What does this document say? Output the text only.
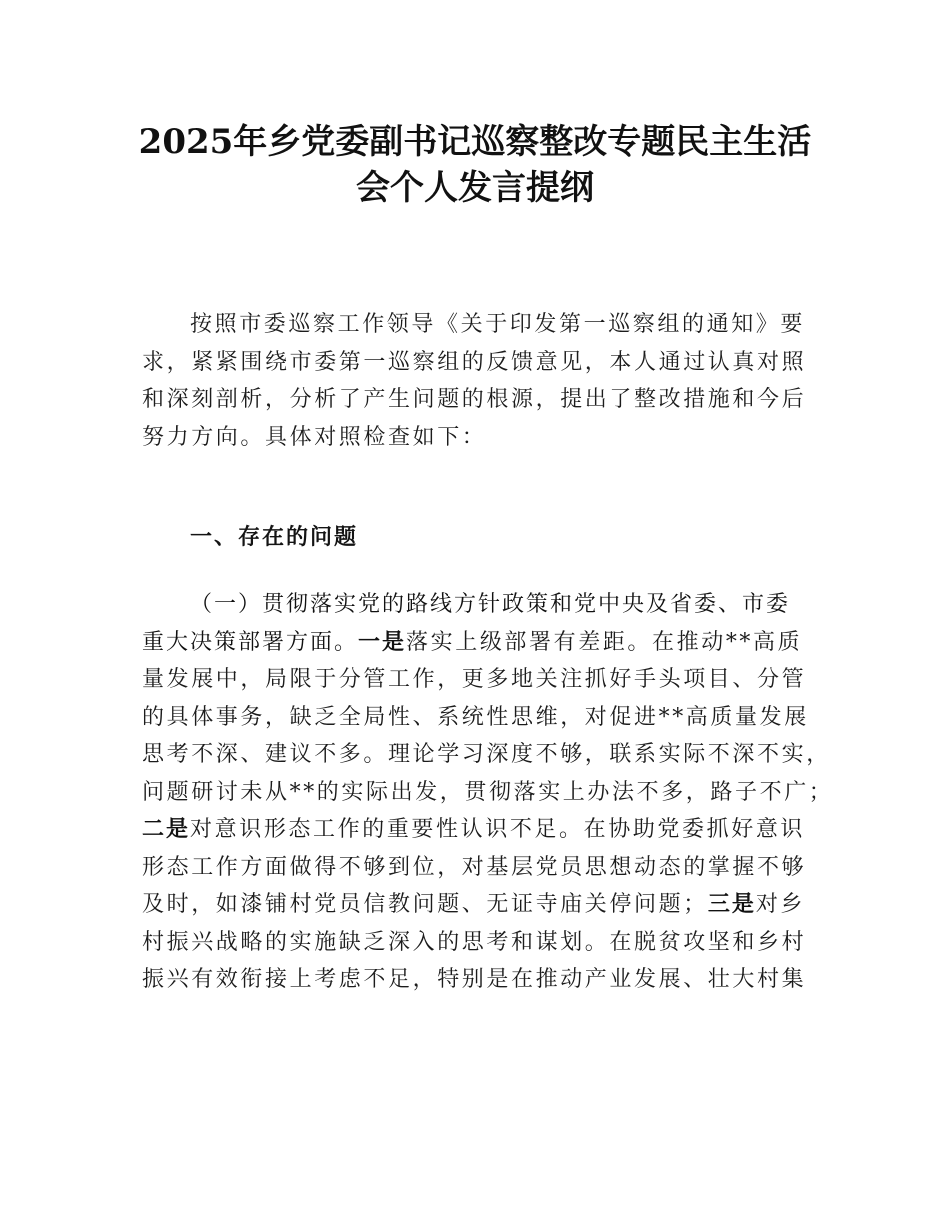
2025年乡党委副书记巡察整改专题民主生活
会个人发言提纲
按照市委巡察工作领导《关于印发第一巡察组的通知》要
求，紧紧围绕市委第一巡察组的反馈意见，本人通过认真对照
和深刻剖析，分析了产生问题的根源，提出了整改措施和今后
努力方向。具体对照检查如下：
一、存在的问题
（一）贯彻落实党的路线方针政策和党中央及省委、市委
重大决策部署方面。一是落实上级部署有差距。在推动**高质
量发展中，局限于分管工作，更多地关注抓好手头项目、分管
的具体事务，缺乏全局性、系统性思维，对促进**高质量发展
思考不深、建议不多。理论学习深度不够，联系实际不深不实，
问题研讨未从**的实际出发，贯彻落实上办法不多，路子不广；
二是对意识形态工作的重要性认识不足。在协助党委抓好意识
形态工作方面做得不够到位，对基层党员思想动态的掌握不够
及时，如漆铺村党员信教问题、无证寺庙关停问题；三是对乡
村振兴战略的实施缺乏深入的思考和谋划。在脱贫攻坚和乡村
振兴有效衔接上考虑不足，特别是在推动产业发展、壮大村集
